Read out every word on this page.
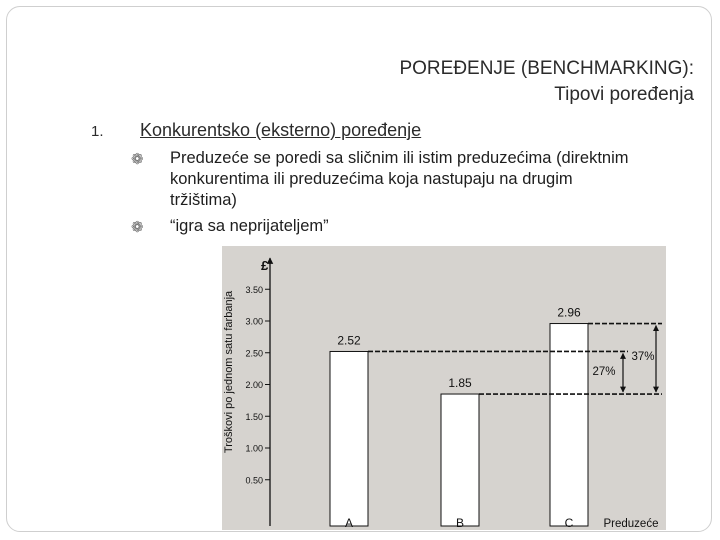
POREĐENJE (BENCHMARKING):
Tipovi poređenja
1. Konkurentsko (eksterno) poređenje
❁ Preduzeće se poredi sa sličnim ili istim preduzećima (direktnim
konkurentima ili preduzećima koja nastupaju na drugim
tržištima)
❁ “igra sa neprijateljem”
£
Troškovi po jednom satu farbanja
Preduzeće
0.50
1.00
1.50
2.00
2.50
3.00
3.50
2.52
A
1.85
B
2.96
C
27%
37%
